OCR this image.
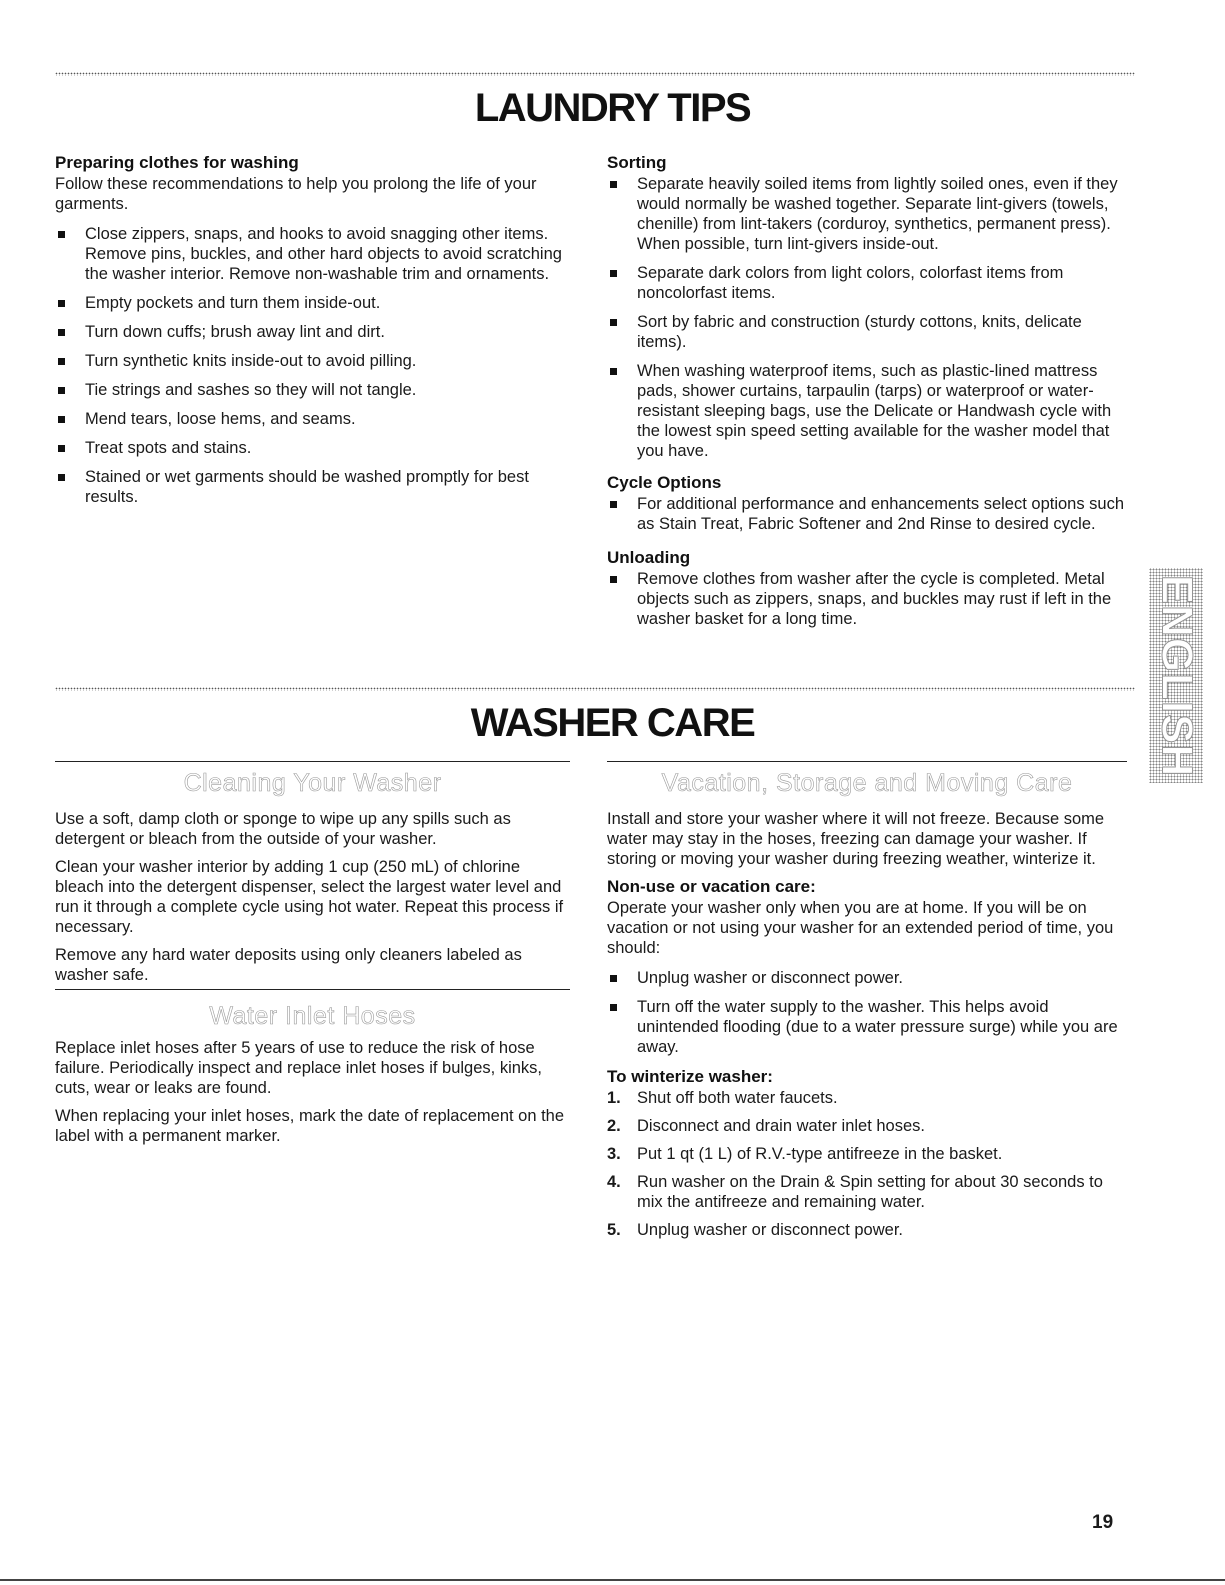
LAUNDRY TIPS
Preparing clothes for washing

Follow these recommendations to help you prolong the life of your garments.

Close zippers, snaps, and hooks to avoid snagging other items. Remove pins, buckles, and other hard objects to avoid scratching the washer interior. Remove non-washable trim and ornaments.
Empty pockets and turn them inside-out.
Turn down cuffs; brush away lint and dirt.
Turn synthetic knits inside-out to avoid pilling.
Tie strings and sashes so they will not tangle.
Mend tears, loose hems, and seams.
Treat spots and stains.
Stained or wet garments should be washed promptly for best results.
Sorting
Separate heavily soiled items from lightly soiled ones, even if they would normally be washed together. Separate lint-givers (towels, chenille) from lint-takers (corduroy, synthetics, permanent press). When possible, turn lint-givers inside-out.
Separate dark colors from light colors, colorfast items from noncolorfast items.
Sort by fabric and construction (sturdy cottons, knits, delicate items).
When washing waterproof items, such as plastic-lined mattress pads, shower curtains, tarpaulin (tarps) or waterproof or water-resistant sleeping bags, use the Delicate or Handwash cycle with the lowest spin speed setting available for the washer model that you have.
Cycle Options
For additional performance and enhancements select options such as Stain Treat, Fabric Softener and 2nd Rinse to desired cycle.
Unloading
Remove clothes from washer after the cycle is completed. Metal objects such as zippers, snaps, and buckles may rust if left in the washer basket for a long time.
WASHER CARE	ENGLISH
Cleaning Your Washer

Use a soft, damp cloth or sponge to wipe up any spills such as detergent or bleach from the outside of your washer.

Clean your washer interior by adding 1 cup (250 mL) of chlorine bleach into the detergent dispenser, select the largest water level and run it through a complete cycle using hot water. Repeat this process if necessary.

Remove any hard water deposits using only cleaners labeled as washer safe.

Water Inlet Hoses

Replace inlet hoses after 5 years of use to reduce the risk of hose failure. Periodically inspect and replace inlet hoses if bulges, kinks, cuts, wear or leaks are found.

When replacing your inlet hoses, mark the date of replacement on the label with a permanent marker.

Vacation, Storage and Moving Care

Install and store your washer where it will not freeze. Because some water may stay in the hoses, freezing can damage your washer. If storing or moving your washer during freezing weather, winterize it.

Non-use or vacation care:

Operate your washer only when you are at home. If you will be on vacation or not using your washer for an extended period of time, you should:

Unplug washer or disconnect power.
Turn off the water supply to the washer. This helps avoid unintended flooding (due to a water pressure surge) while you are away.
To winterize washer:
1. Shut off both water faucets.
2. Disconnect and drain water inlet hoses.
3. Put 1 qt (1 L) of R.V.-type antifreeze in the basket.
4. Run washer on the Drain & Spin setting for about 30 seconds to mix the antifreeze and remaining water.
5. Unplug washer or disconnect power.
19
